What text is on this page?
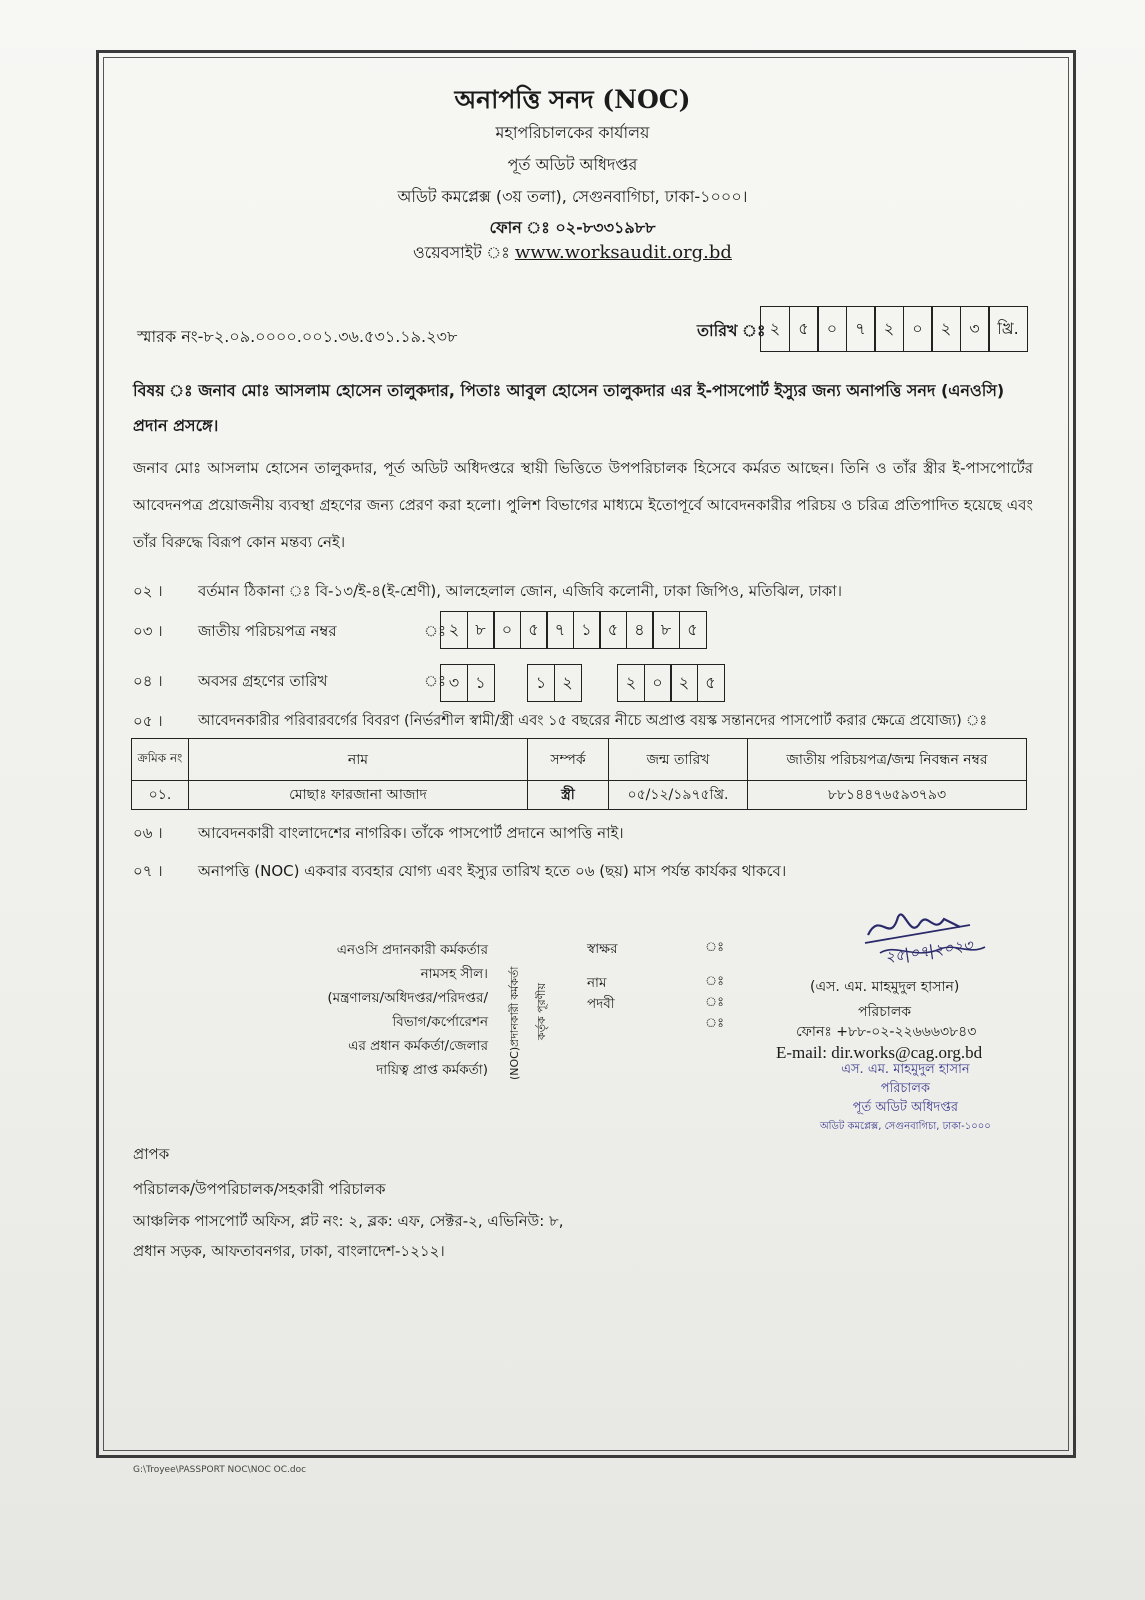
অনাপত্তি সনদ (NOC)
মহাপরিচালকের কার্যালয়
পূর্ত অডিট অধিদপ্তর
অডিট কমপ্লেক্স (৩য় তলা), সেগুনবাগিচা, ঢাকা-১০০০।
ফোন ঃ ০২-৮৩৩১৯৮৮
ওয়েবসাইট ঃ www.worksaudit.org.bd
স্মারক নং-৮২.০৯.০০০০.০০১.৩৬.৫৩১.১৯.২৩৮	তারিখ ঃ ২	৫	০	৭	২	০	২	৩	খ্রি.
বিষয় ঃ জনাব মোঃ আসলাম হোসেন তালুকদার, পিতাঃ আবুল হোসেন তালুকদার এর ই-পাসপোর্ট ইস্যুর জন্য অনাপত্তি সনদ (এনওসি)
প্রদান প্রসঙ্গে।
জনাব মোঃ আসলাম হোসেন তালুকদার, পূর্ত অডিট অধিদপ্তরে স্থায়ী ভিত্তিতে উপপরিচালক হিসেবে কর্মরত আছেন। তিনি ও তাঁর স্ত্রীর ই-পাসপোর্টের আবেদনপত্র প্রয়োজনীয় ব্যবস্থা গ্রহণের জন্য প্রেরণ করা হলো। পুলিশ বিভাগের মাধ্যমে ইতোপূর্বে আবেদনকারীর পরিচয় ও চরিত্র প্রতিপাদিত হয়েছে এবং তাঁর বিরুদ্ধে বিরূপ কোন মন্তব্য নেই।
০২ । বর্তমান ঠিকানা ঃ বি-১৩/ই-৪(ই-শ্রেণী), আলহেলাল জোন, এজিবি কলোনী, ঢাকা জিপিও, মতিঝিল, ঢাকা।
০৩ । জাতীয় পরিচয়পত্র নম্বর	ঃ ২	৮	০	৫	৭	১	৫	৪	৮	৫
০৪ । অবসর গ্রহণের তারিখ	ঃ ৩	১	১	২	২	০	২	৫
০৫ । আবেদনকারীর পরিবারবর্গের বিবরণ (নির্ভরশীল স্বামী/স্ত্রী এবং ১৫ বছরের নীচে অপ্রাপ্ত বয়স্ক সন্তানদের পাসপোর্ট করার ক্ষেত্রে প্রযোজ্য) ঃ
ক্রমিক নং	নাম	সম্পর্ক	জন্ম তারিখ	জাতীয় পরিচয়পত্র/জন্ম নিবন্ধন নম্বর
০১.	মোছাঃ ফারজানা আজাদ	স্ত্রী	০৫/১২/১৯৭৫খ্রি.	৮৮১৪৪৭৬৫৯৩৭৯৩
০৬ । আবেদনকারী বাংলাদেশের নাগরিক। তাঁকে পাসপোর্ট প্রদানে আপত্তি নাই।
০৭ । অনাপত্তি (NOC) একবার ব্যবহার যোগ্য এবং ইস্যুর তারিখ হতে ০৬ (ছয়) মাস পর্যন্ত কার্যকর থাকবে।
এনওসি প্রদানকারী কর্মকর্তার
নামসহ সীল।
(মন্ত্রণালয়/অধিদপ্তর/পরিদপ্তর/
বিভাগ/কর্পোরেশন
এর প্রধান কর্মকর্তা/জেলার
দায়িত্ব প্রাপ্ত কর্মকর্তা) (NOC)প্রদানকারী কর্মকর্তা	কর্তৃক পূরণীয়
স্বাক্ষর
নাম
পদবী
ঃ
ঃ
ঃ
ঃ
২৫|০৭|২০২৩
(এস. এম. মাহমুদুল হাসান)
পরিচালক
ফোনঃ +৮৮-০২-২২৬৬৬৩৮৪৩
E-mail: dir.works@cag.org.bd
এস. এম. মাহমুদুল হাসান
পরিচালক
পূর্ত অডিট অধিদপ্তর
অডিট কমপ্লেক্স, সেগুনবাগিচা, ঢাকা-১০০০
প্রাপক
পরিচালক/উপপরিচালক/সহকারী পরিচালক
আঞ্চলিক পাসপোর্ট অফিস, প্লট নং: ২, ব্লক: এফ, সেক্টর-২, এভিনিউ: ৮,
প্রধান সড়ক, আফতাবনগর, ঢাকা, বাংলাদেশ-১২১২।
G:\Troyee\PASSPORT NOC\NOC OC.doc
